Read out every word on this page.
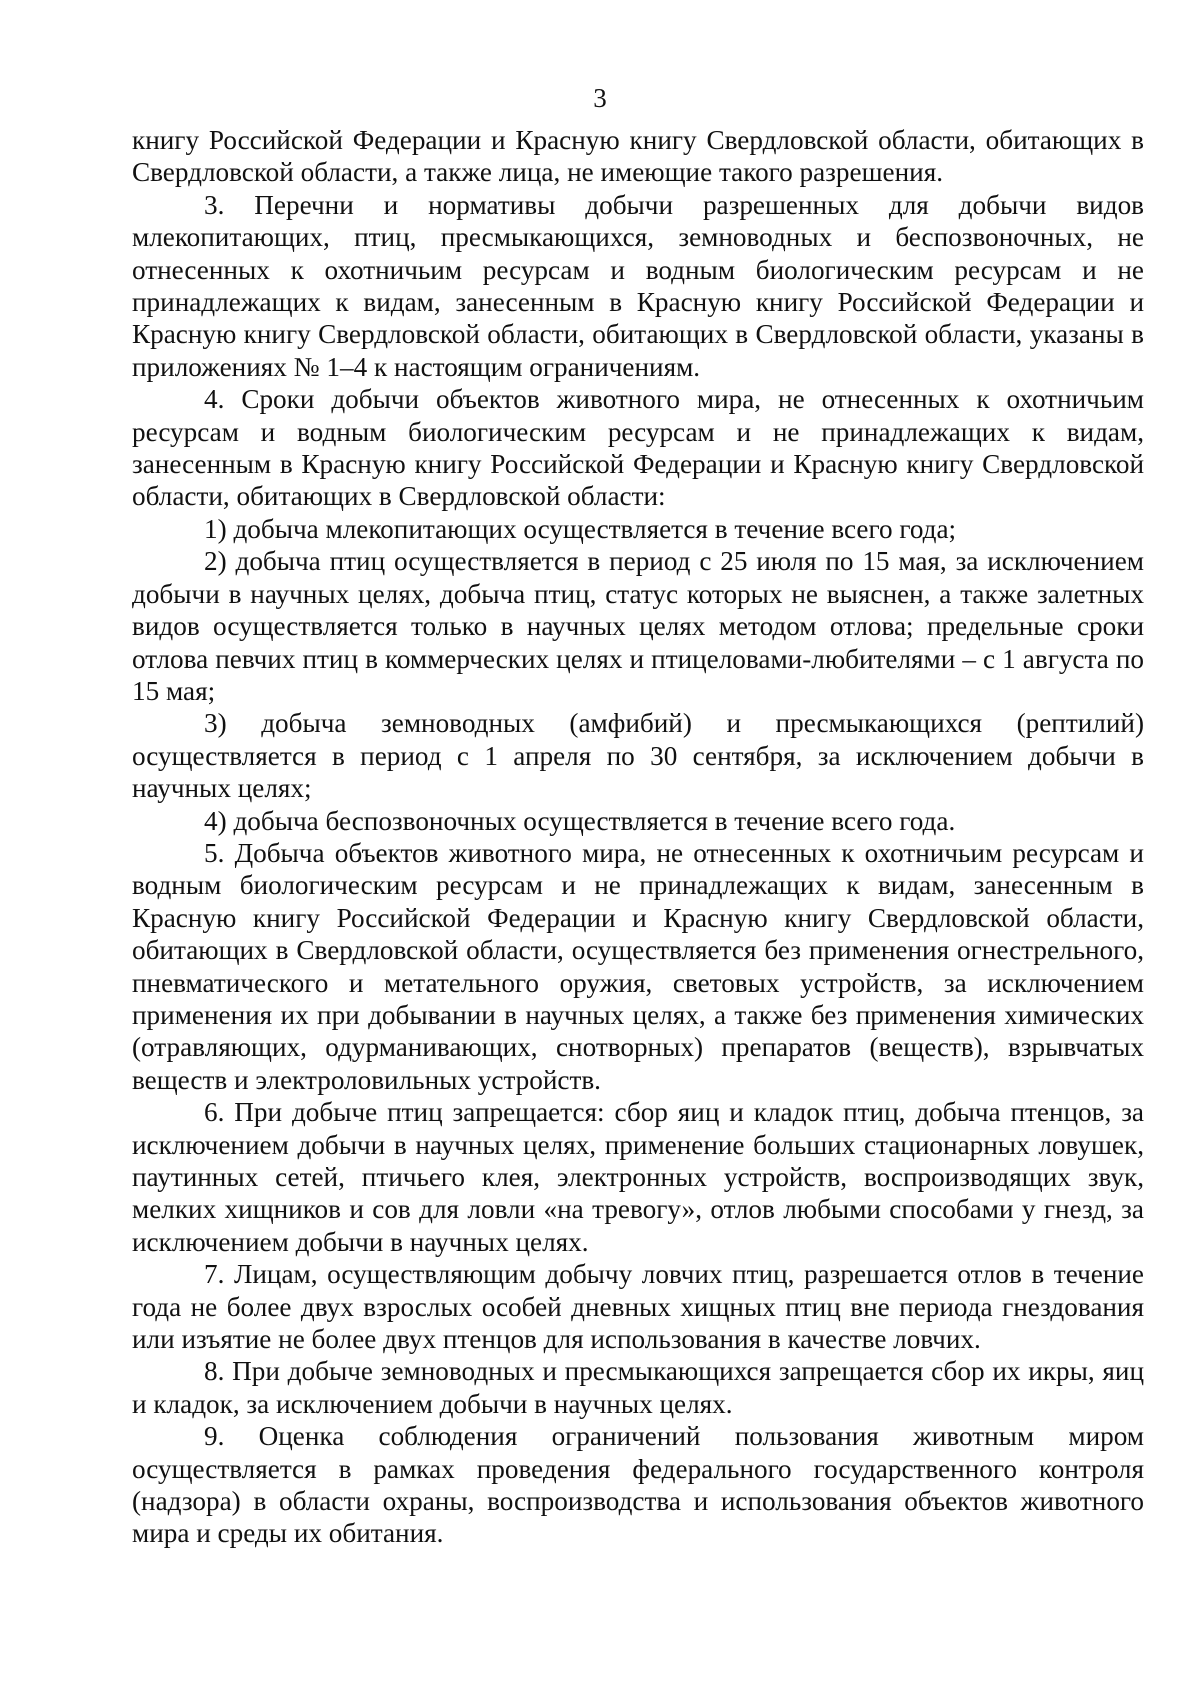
3

книгу Российской Федерации и Красную книгу Свердловской области, обитающих в Свердловской области, а также лица, не имеющие такого разрешения.

3. Перечни и нормативы добычи разрешенных для добычи видов млекопитающих, птиц, пресмыкающихся, земноводных и беспозвоночных, не отнесенных к охотничьим ресурсам и водным биологическим ресурсам и не принадлежащих к видам, занесенным в Красную книгу Российской Федерации и Красную книгу Свердловской области, обитающих в Свердловской области, указаны в приложениях № 1–4 к настоящим ограничениям.

4. Сроки добычи объектов животного мира, не отнесенных к охотничьим ресурсам и водным биологическим ресурсам и не принадлежащих к видам, занесенным в Красную книгу Российской Федерации и Красную книгу Свердловской области, обитающих в Свердловской области:

1) добыча млекопитающих осуществляется в течение всего года;

2) добыча птиц осуществляется в период с 25 июля по 15 мая, за исключением добычи в научных целях, добыча птиц, статус которых не выяснен, а также залетных видов осуществляется только в научных целях методом отлова; предельные сроки отлова певчих птиц в коммерческих целях и птицеловами-любителями – с 1 августа по 15 мая;

3) добыча земноводных (амфибий) и пресмыкающихся (рептилий) осуществляется в период с 1 апреля по 30 сентября, за исключением добычи в научных целях;

4) добыча беспозвоночных осуществляется в течение всего года.

5. Добыча объектов животного мира, не отнесенных к охотничьим ресурсам и водным биологическим ресурсам и не принадлежащих к видам, занесенным в Красную книгу Российской Федерации и Красную книгу Свердловской области, обитающих в Свердловской области, осуществляется без применения огнестрельного, пневматического и метательного оружия, световых устройств, за исключением применения их при добывании в научных целях, а также без применения химических (отравляющих, одурманивающих, снотворных) препаратов (веществ), взрывчатых веществ и электроловильных устройств.

6. При добыче птиц запрещается: сбор яиц и кладок птиц, добыча птенцов, за исключением добычи в научных целях, применение больших стационарных ловушек, паутинных сетей, птичьего клея, электронных устройств, воспроизводящих звук, мелких хищников и сов для ловли «на тревогу», отлов любыми способами у гнезд, за исключением добычи в научных целях.

7. Лицам, осуществляющим добычу ловчих птиц, разрешается отлов в течение года не более двух взрослых особей дневных хищных птиц вне периода гнездования или изъятие не более двух птенцов для использования в качестве ловчих.

8. При добыче земноводных и пресмыкающихся запрещается сбор их икры, яиц и кладок, за исключением добычи в научных целях.

9. Оценка соблюдения ограничений пользования животным миром осуществляется в рамках проведения федерального государственного контроля (надзора) в области охраны, воспроизводства и использования объектов животного мира и среды их обитания.
